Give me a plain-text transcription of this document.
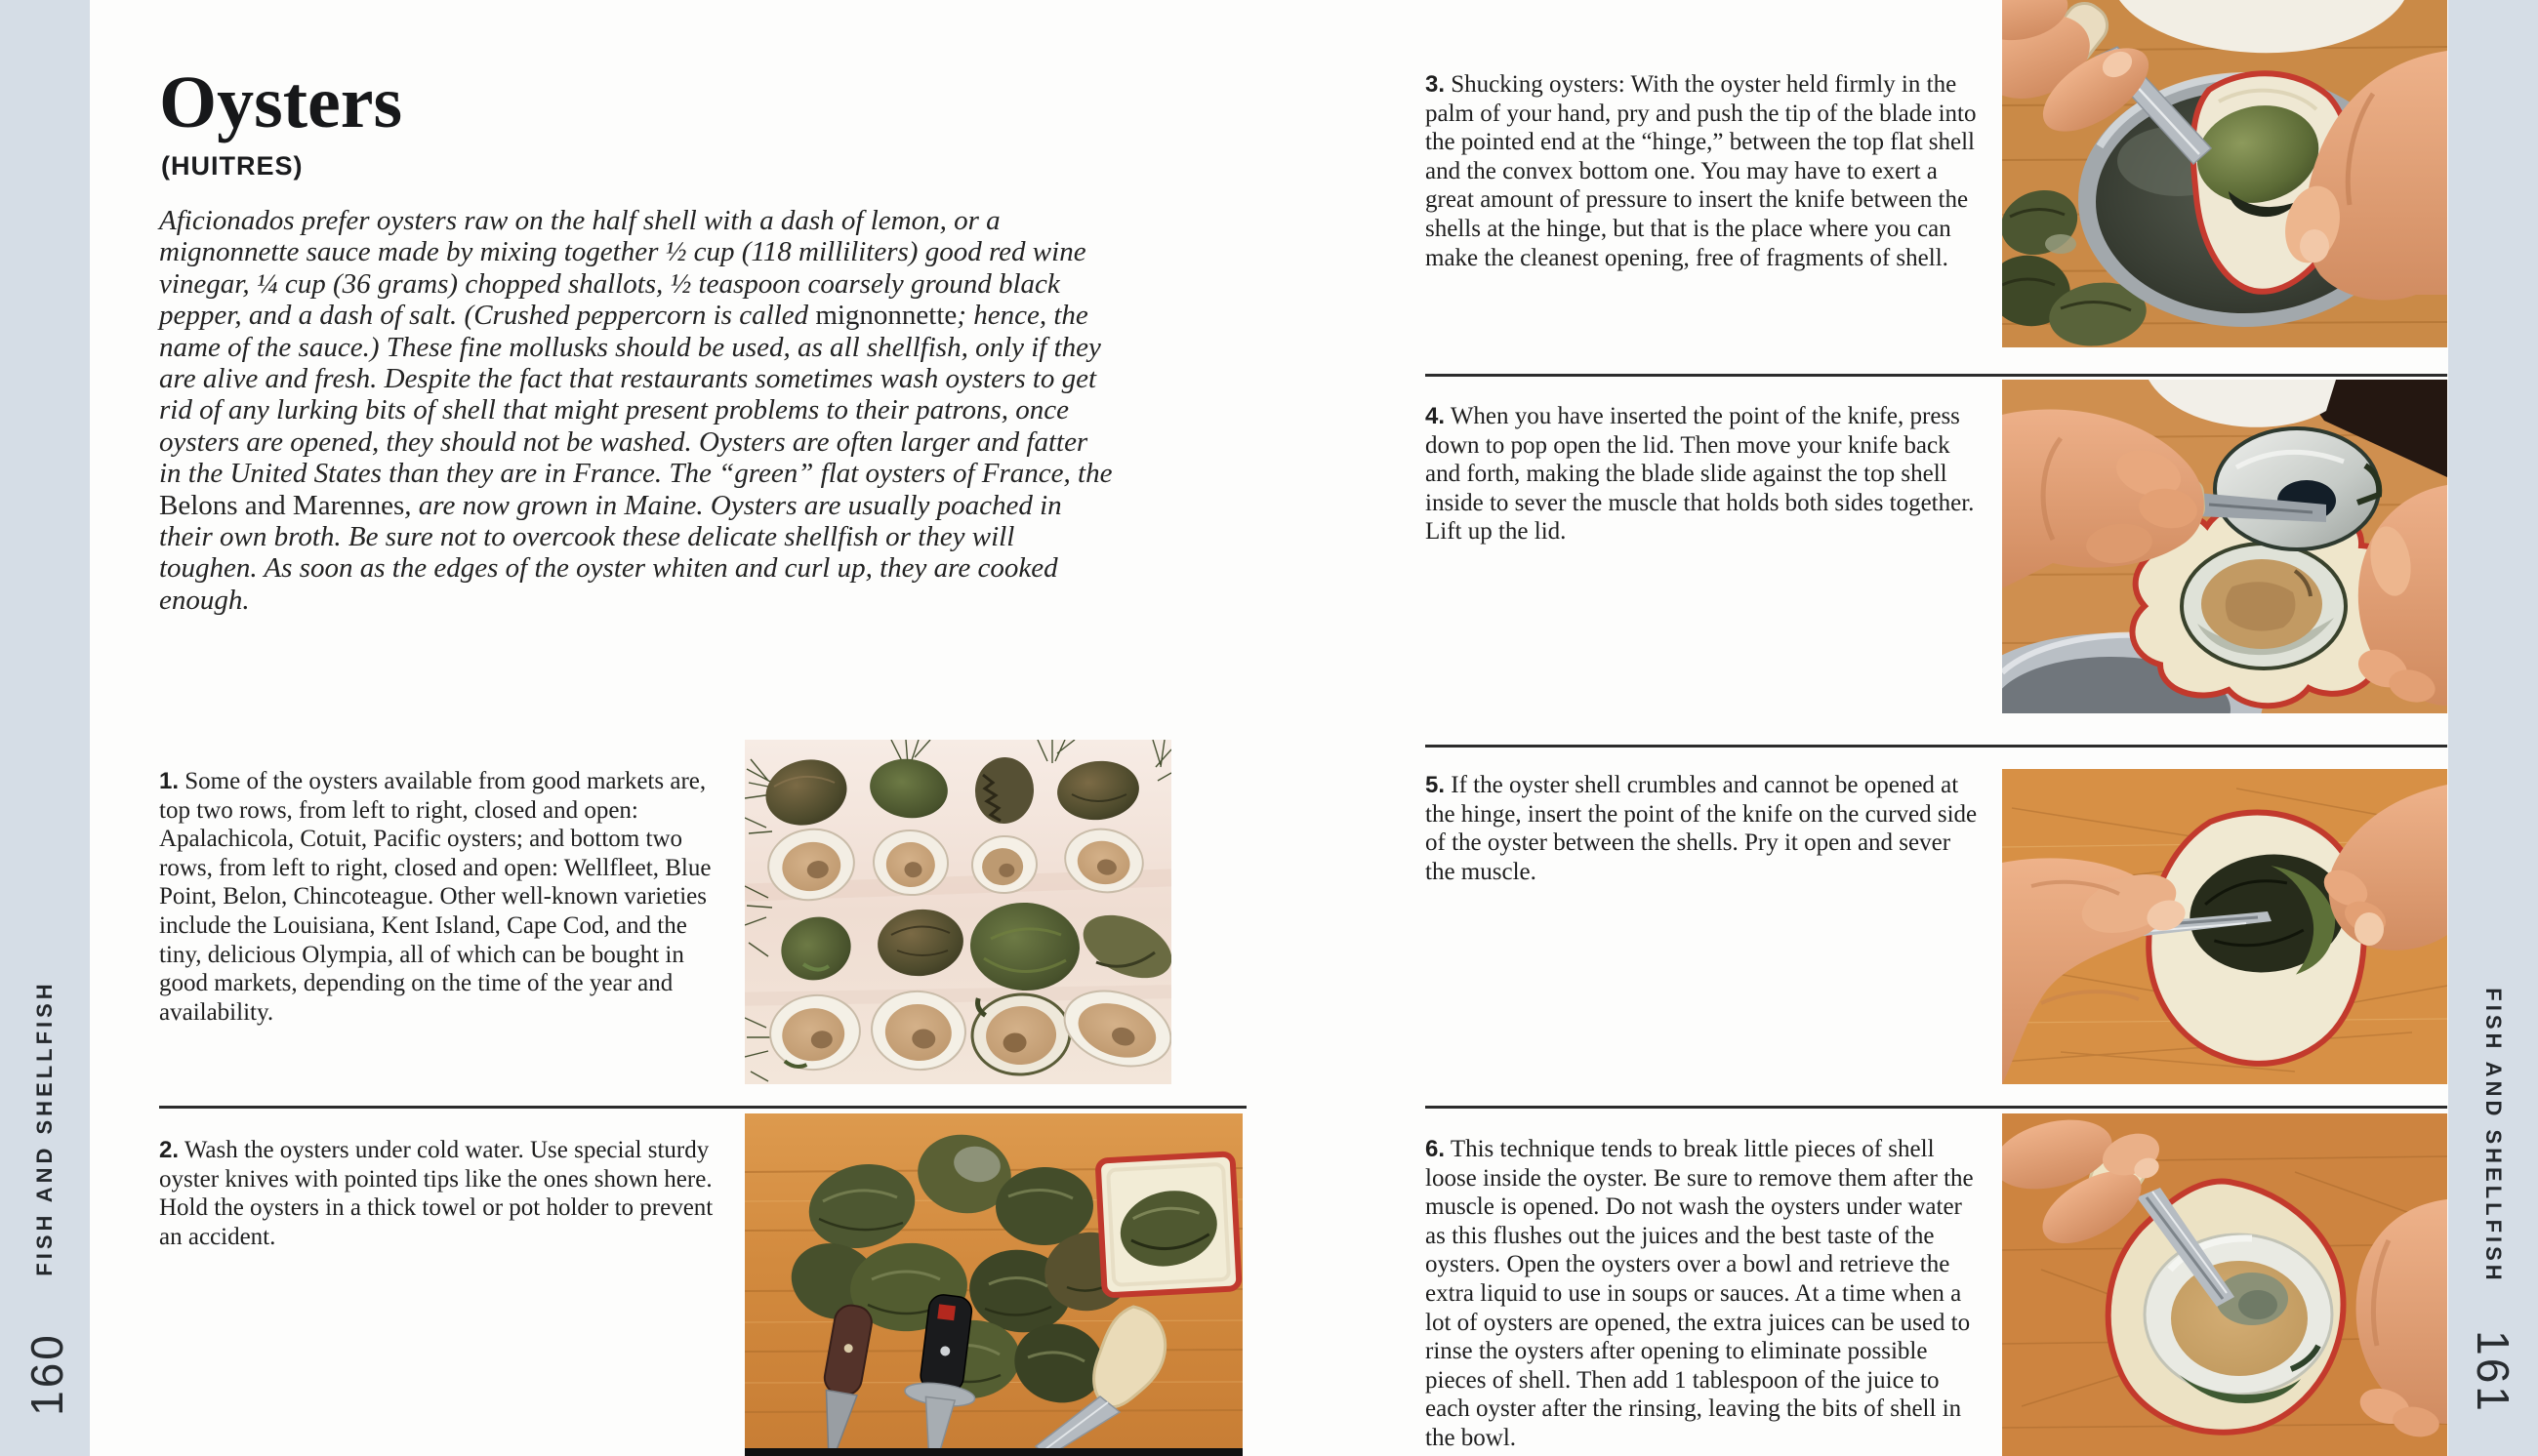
FISH AND SHELLFISH
160
FISH AND SHELLFISH
161
Oysters
(HUITRES)

Aficionados prefer oysters raw on the half shell with a dash of lemon, or a mignonnette sauce made by mixing together ½ cup (118 milliliters) good red wine vinegar, ¼ cup (36 grams) chopped shallots, ½ teaspoon coarsely ground black pepper, and a dash of salt. (Crushed peppercorn is called mignonnette; hence, the name of the sauce.) These fine mollusks should be used, as all shellfish, only if they are alive and fresh. Despite the fact that restaurants sometimes wash oysters to get rid of any lurking bits of shell that might present problems to their patrons, once oysters are opened, they should not be washed. Oysters are often larger and fatter in the United States than they are in France. The “green” flat oysters of France, the Belons and Marennes, are now grown in Maine. Oysters are usually poached in their own broth. Be sure not to overcook these delicate shellfish or they will toughen. As soon as the edges of the oyster whiten and curl up, they are cooked enough.

1. Some of the oysters available from good markets are, top two rows, from left to right, closed and open: Apalachicola, Cotuit, Pacific oysters; and bottom two rows, from left to right, closed and open: Wellfleet, Blue Point, Belon, Chincoteague. Other well-known varieties include the Louisiana, Kent Island, Cape Cod, and the tiny, delicious Olympia, all of which can be bought in good markets, depending on the time of the year and availability.

2. Wash the oysters under cold water. Use special sturdy oyster knives with pointed tips like the ones shown here. Hold the oysters in a thick towel or pot holder to prevent an accident.

3. Shucking oysters: With the oyster held firmly in the palm of your hand, pry and push the tip of the blade into the pointed end at the “hinge,” between the top flat shell and the convex bottom one. You may have to exert a great amount of pressure to insert the knife between the shells at the hinge, but that is the place where you can make the cleanest opening, free of fragments of shell.

4. When you have inserted the point of the knife, press down to pop open the lid. Then move your knife back and forth, making the blade slide against the top shell inside to sever the muscle that holds both sides together. Lift up the lid.

5. If the oyster shell crumbles and cannot be opened at the hinge, insert the point of the knife on the curved side of the oyster between the shells. Pry it open and sever the muscle.

6. This technique tends to break little pieces of shell loose inside the oyster. Be sure to remove them after the muscle is opened. Do not wash the oysters under water as this flushes out the juices and the best taste of the oysters. Open the oysters over a bowl and retrieve the extra liquid to use in soups or sauces. At a time when a lot of oysters are opened, the extra juices can be used to rinse the oysters after opening to eliminate possible pieces of shell. Then add 1 tablespoon of the juice to each oyster after the rinsing, leaving the bits of shell in the bowl.
